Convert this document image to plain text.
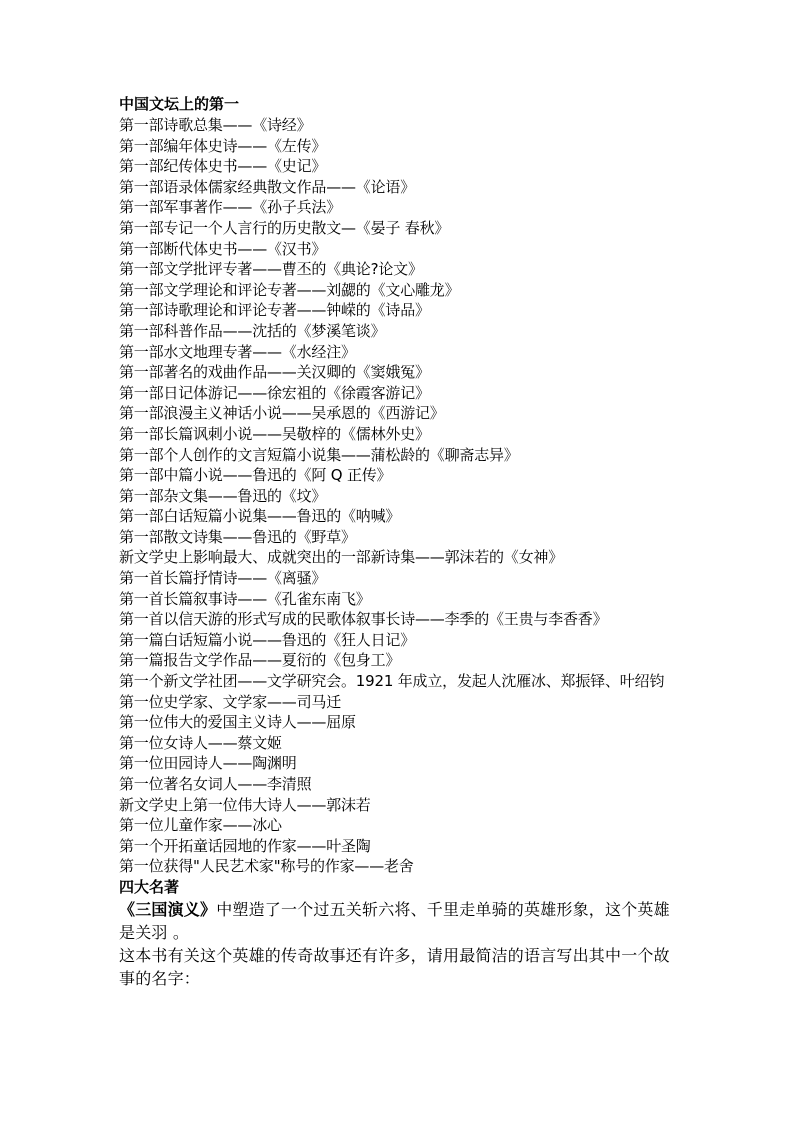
中国文坛上的第一
第一部诗歌总集——《诗经》
第一部编年体史诗——《左传》
第一部纪传体史书——《史记》
第一部语录体儒家经典散文作品——《论语》
第一部军事著作——《孙子兵法》
第一部专记一个人言行的历史散文—《晏子 春秋》
第一部断代体史书——《汉书》
第一部文学批评专著——曹丕的《典论?论文》
第一部文学理论和评论专著——刘勰的《文心雕龙》
第一部诗歌理论和评论专著——钟嵘的《诗品》
第一部科普作品——沈括的《梦溪笔谈》
第一部水文地理专著——《水经注》
第一部著名的戏曲作品——关汉卿的《窦娥冤》
第一部日记体游记——徐宏祖的《徐霞客游记》
第一部浪漫主义神话小说——吴承恩的《西游记》
第一部长篇讽刺小说——吴敬梓的《儒林外史》
第一部个人创作的文言短篇小说集——蒲松龄的《聊斋志异》
第一部中篇小说——鲁迅的《阿 Q 正传》
第一部杂文集——鲁迅的《坟》
第一部白话短篇小说集——鲁迅的《呐喊》
第一部散文诗集——鲁迅的《野草》
新文学史上影响最大、成就突出的一部新诗集——郭沫若的《女神》
第一首长篇抒情诗——《离骚》
第一首长篇叙事诗——《孔雀东南飞》
第一首以信天游的形式写成的民歌体叙事长诗——李季的《王贵与李香香》
第一篇白话短篇小说——鲁迅的《狂人日记》
第一篇报告文学作品——夏衍的《包身工》
第一个新文学社团——文学研究会。1921 年成立，发起人沈雁冰、郑振铎、叶绍钧
第一位史学家、文学家——司马迁
第一位伟大的爱国主义诗人——屈原
第一位女诗人——蔡文姬
第一位田园诗人——陶渊明
第一位著名女词人——李清照
新文学史上第一位伟大诗人——郭沫若
第一位儿童作家——冰心
第一个开拓童话园地的作家——叶圣陶
第一位获得"人民艺术家"称号的作家——老舍
四大名著
《三国演义》中塑造了一个过五关斩六将、千里走单骑的英雄形象，这个英雄是关羽 。
这本书有关这个英雄的传奇故事还有许多，请用最简洁的语言写出其中一个故事的名字：
